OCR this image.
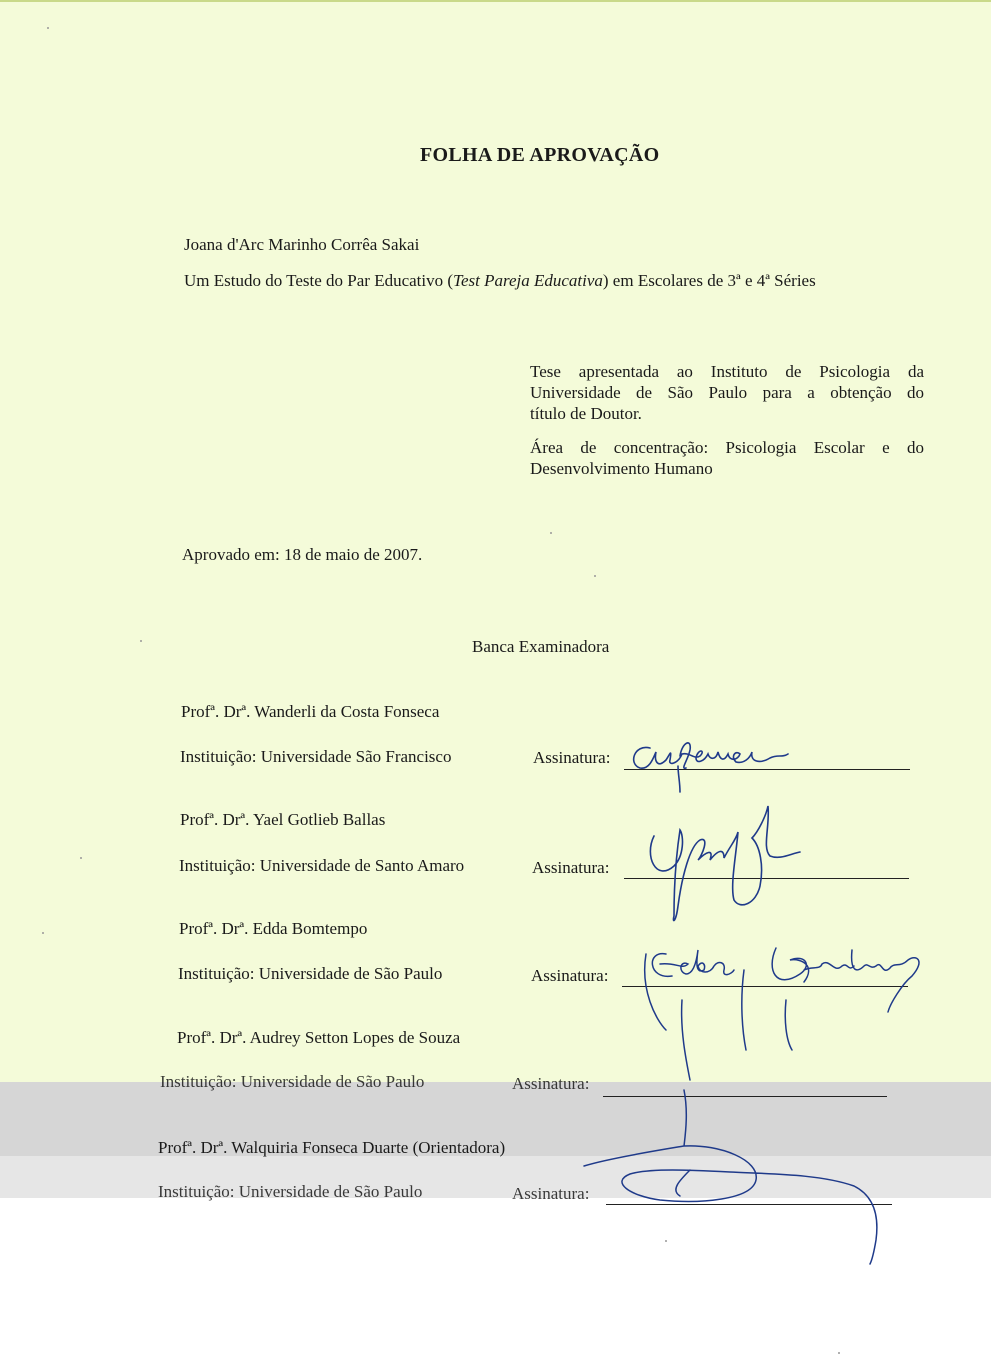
FOLHA DE APROVAÇÃO
Joana d'Arc Marinho Corrêa Sakai
Um Estudo do Teste do Par Educativo (Test Pareja Educativa) em Escolares de 3ª e 4ª Séries
Tese apresentada ao Instituto de Psicologia da
Universidade de São Paulo para a obtenção do
título de Doutor.
Área de concentração: Psicologia Escolar e do
Desenvolvimento Humano
Aprovado em: 18 de maio de 2007.
Banca Examinadora
Profª. Drª. Wanderli da Costa Fonseca
Instituição: Universidade São Francisco	Assinatura:
Profª. Drª. Yael Gotlieb Ballas
Instituição: Universidade de Santo Amaro	Assinatura:
Profª. Drª. Edda Bomtempo
Instituição: Universidade de São Paulo	Assinatura:
Profª. Drª. Audrey Setton Lopes de Souza
Instituição: Universidade de São Paulo	Assinatura:
Profª. Drª. Walquiria Fonseca Duarte (Orientadora)
Instituição: Universidade de São Paulo	Assinatura:
